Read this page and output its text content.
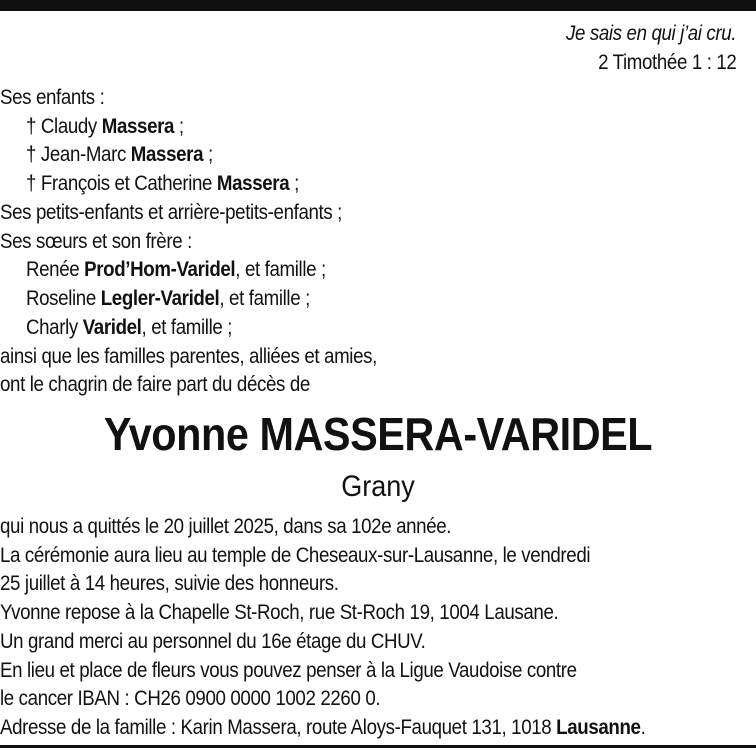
Je sais en qui j’ai cru.
2 Timothée 1 : 12
Ses enfants :
† Claudy Massera ;
† Jean-Marc Massera ;
† François et Catherine Massera ;
Ses petits-enfants et arrière-petits-enfants ;
Ses sœurs et son frère :
Renée Prod’Hom-Varidel, et famille ;
Roseline Legler-Varidel, et famille ;
Charly Varidel, et famille ;
ainsi que les familles parentes, alliées et amies,
ont le chagrin de faire part du décès de
Yvonne MASSERA-VARIDEL
Grany
qui nous a quittés le 20 juillet 2025, dans sa 102e année.
La cérémonie aura lieu au temple de Cheseaux-sur-Lausanne, le vendredi
25 juillet à 14 heures, suivie des honneurs.
Yvonne repose à la Chapelle St-Roch, rue St-Roch 19, 1004 Lausane.
Un grand merci au personnel du 16e étage du CHUV.
En lieu et place de fleurs vous pouvez penser à la Ligue Vaudoise contre
le cancer IBAN : CH26 0900 0000 1002 2260 0.
Adresse de la famille : Karin Massera, route Aloys-Fauquet 131, 1018 Lausanne.
